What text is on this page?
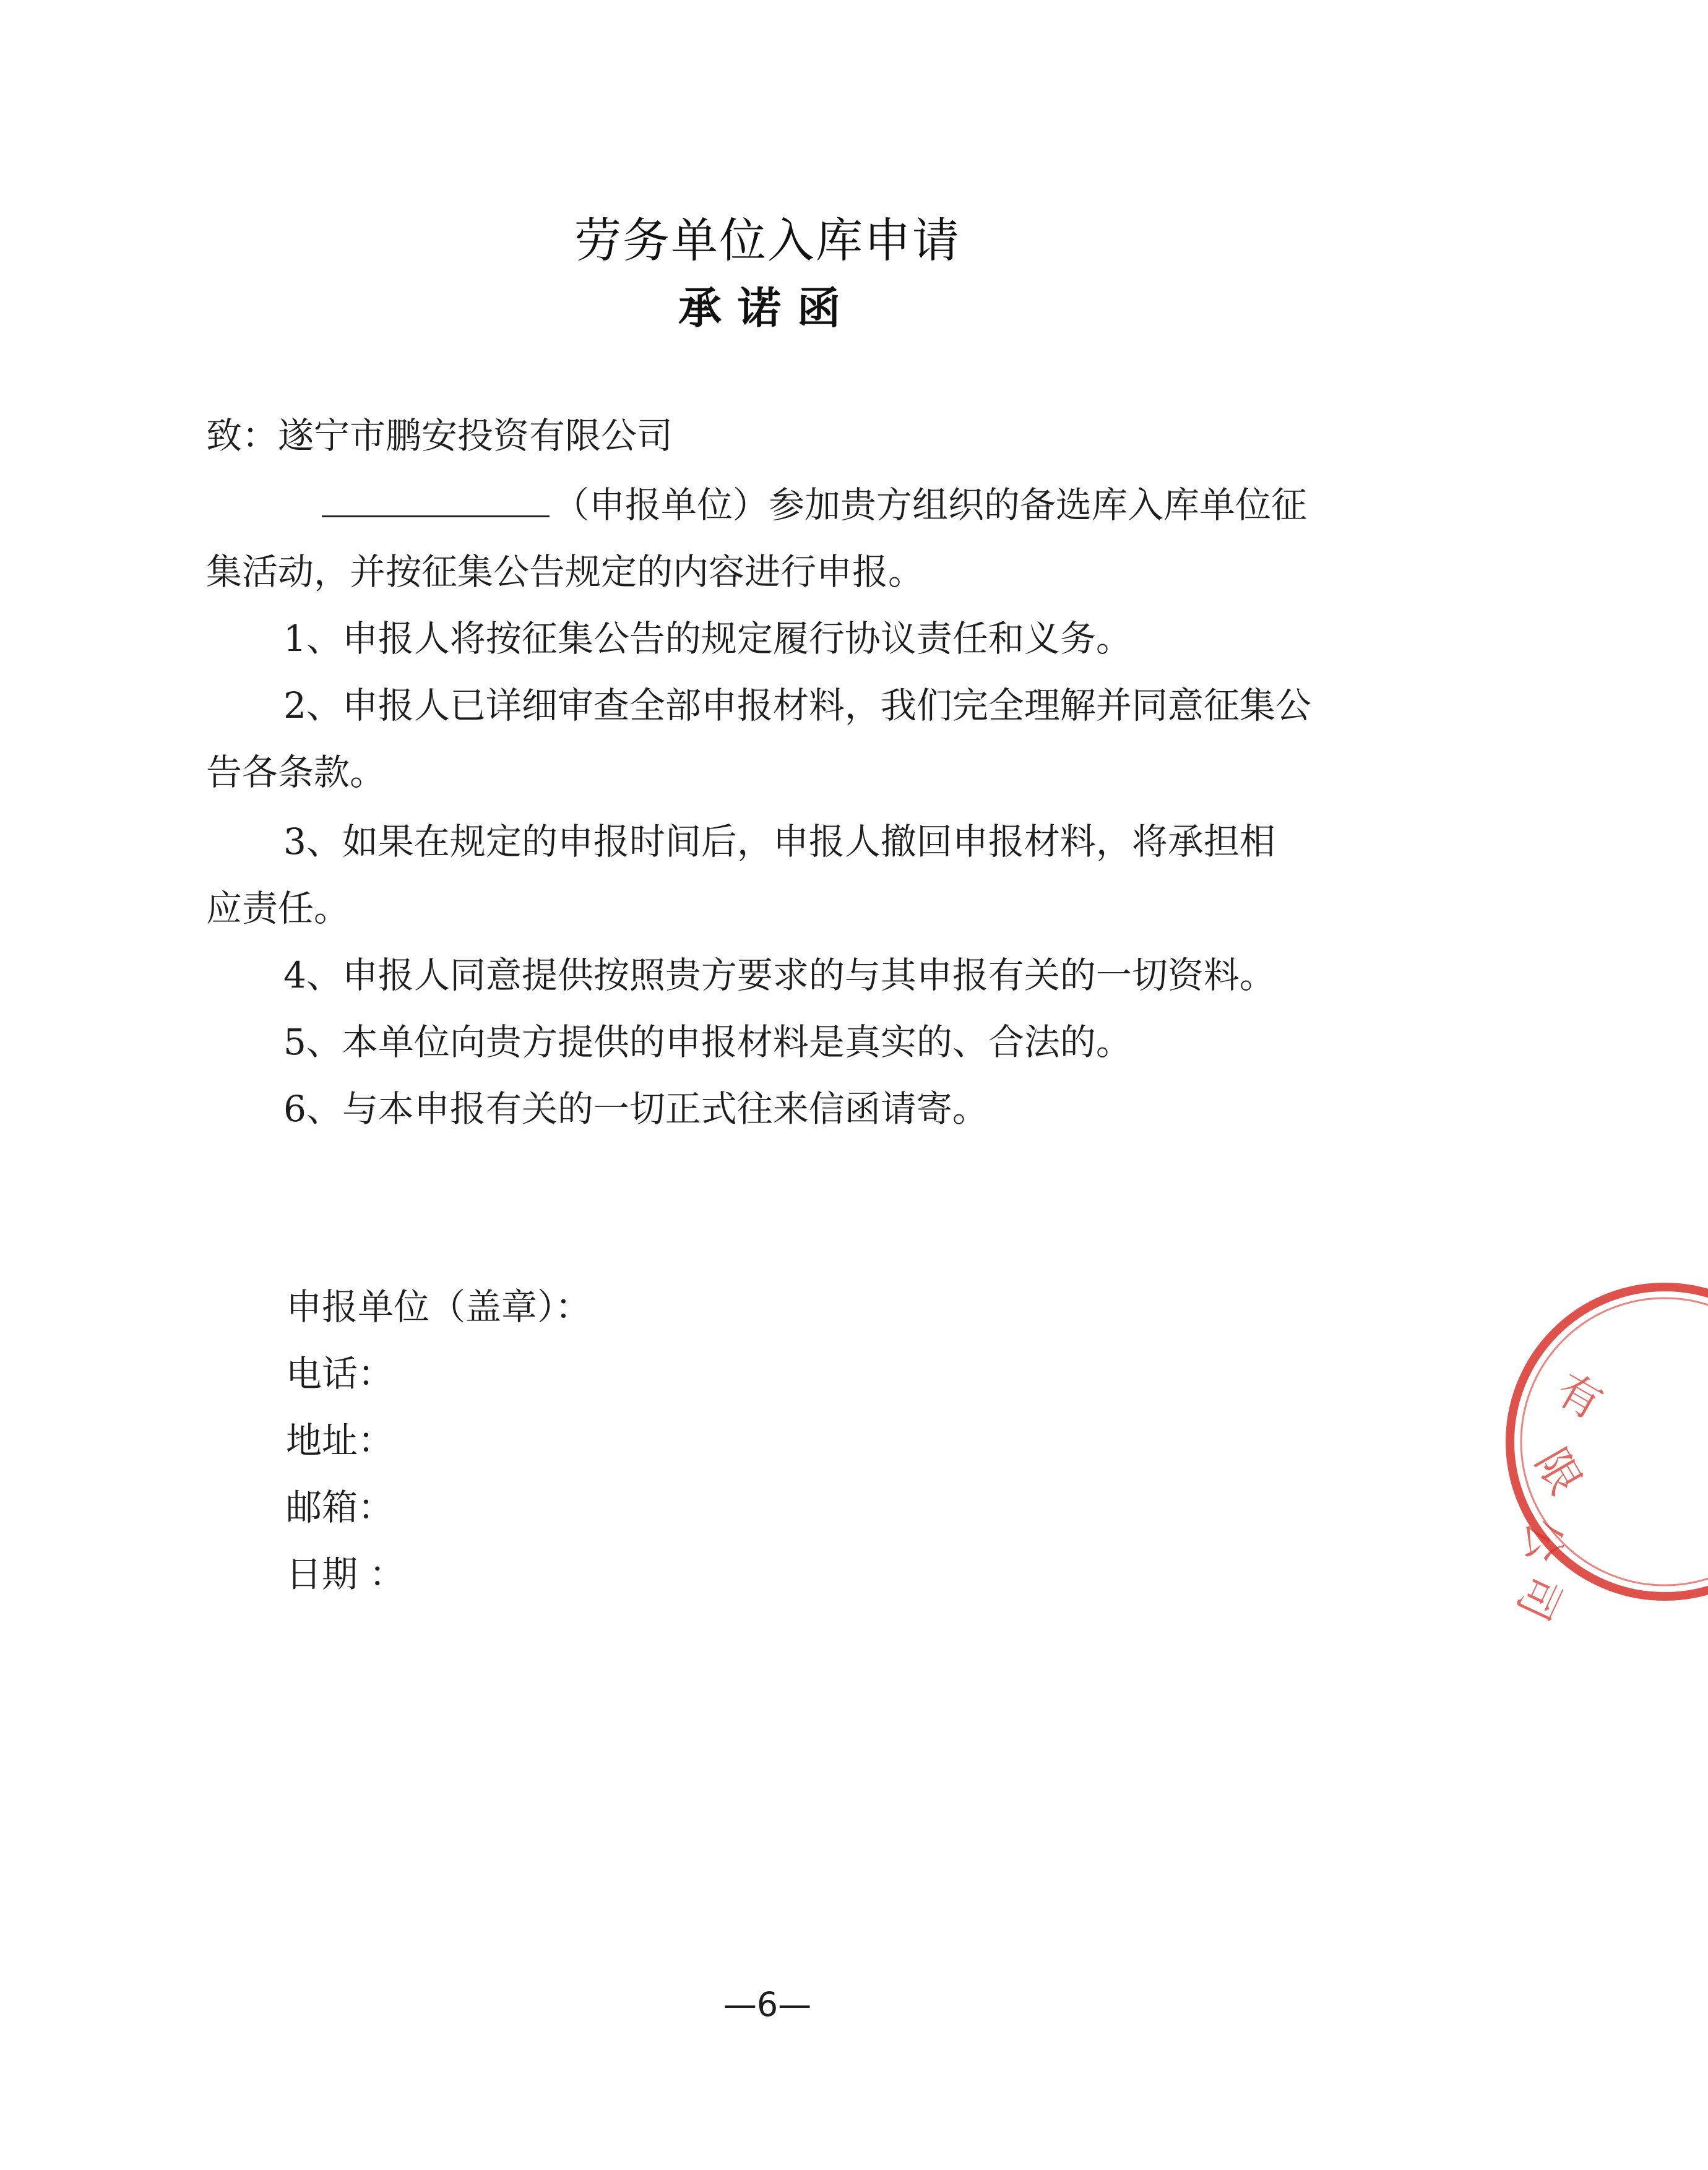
劳务单位入库申请
承诺函
致：遂宁市鹏安投资有限公司
（申报单位）参加贵方组织的备选库入库单位征
集活动，并按征集公告规定的内容进行申报。
1、申报人将按征集公告的规定履行协议责任和义务。
2、申报人已详细审查全部申报材料，我们完全理解并同意征集公
告各条款。
3、如果在规定的申报时间后，申报人撤回申报材料，将承担相
应责任。
4、申报人同意提供按照贵方要求的与其申报有关的一切资料。
5、本单位向贵方提供的申报材料是真实的、合法的。
6、与本申报有关的一切正式往来信函请寄。
申报单位（盖章）：
电话：
地址：
邮箱：
日期 ：
—6—
有
限
公
司
